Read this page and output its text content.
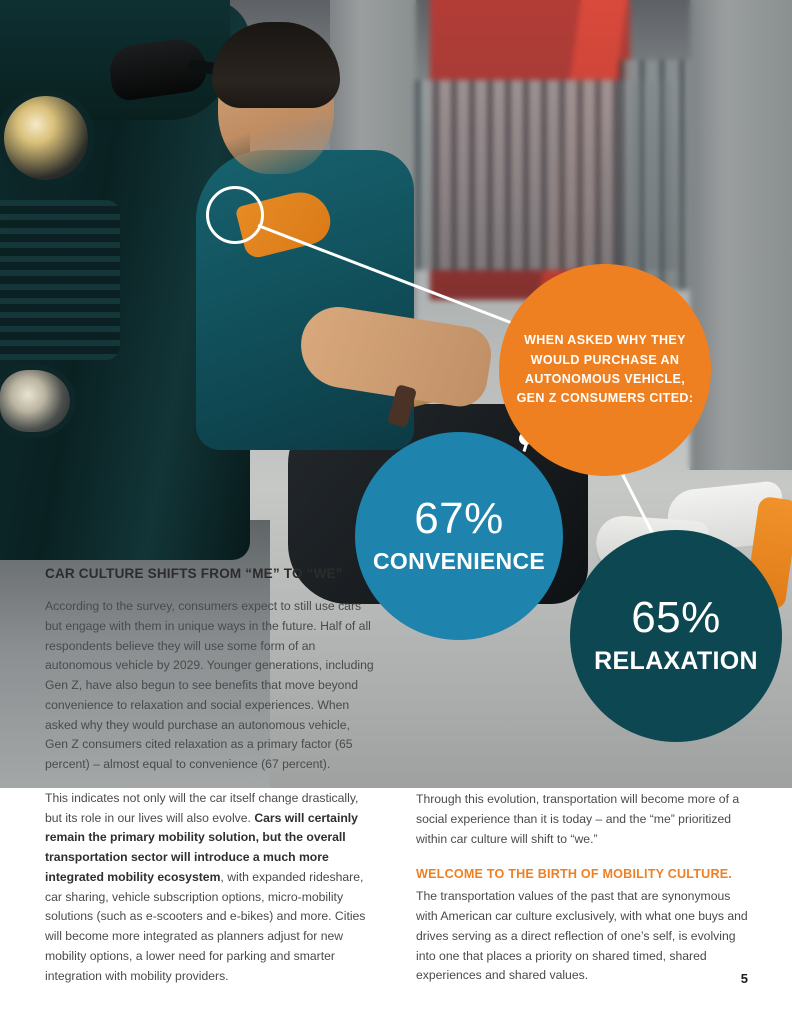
WHEN ASKED WHY THEY WOULD PURCHASE AN AUTONOMOUS VEHICLE, GEN Z CONSUMERS CITED:
67%
CONVENIENCE
65%
RELAXATION
CAR CULTURE SHIFTS FROM “ME” TO “WE”

According to the survey, consumers expect to still use cars but engage with them in unique ways in the future. Half of all respondents believe they will use some form of an autonomous vehicle by 2029. Younger generations, including Gen Z, have also begun to see benefits that move beyond convenience to relaxation and social experiences. When asked why they would purchase an autonomous vehicle, Gen Z consumers cited relaxation as a primary factor (65 percent) – almost equal to convenience (67 percent).

This indicates not only will the car itself change drastically, but its role in our lives will also evolve. Cars will certainly remain the primary mobility solution, but the overall transportation sector will introduce a much more integrated mobility ecosystem, with expanded rideshare, car sharing, vehicle subscription options, micro-mobility solutions (such as e-scooters and e-bikes) and more. Cities will become more integrated as planners adjust for new mobility options, a lower need for parking and smarter integration with mobility providers.

Through this evolution, transportation will become more of a social experience than it is today – and the “me” prioritized within car culture will shift to “we.”

WELCOME TO THE BIRTH OF MOBILITY CULTURE.

The transportation values of the past that are synonymous with American car culture exclusively, with what one buys and drives serving as a direct reflection of one’s self, is evolving into one that places a priority on shared timed, shared experiences and shared values.	5
